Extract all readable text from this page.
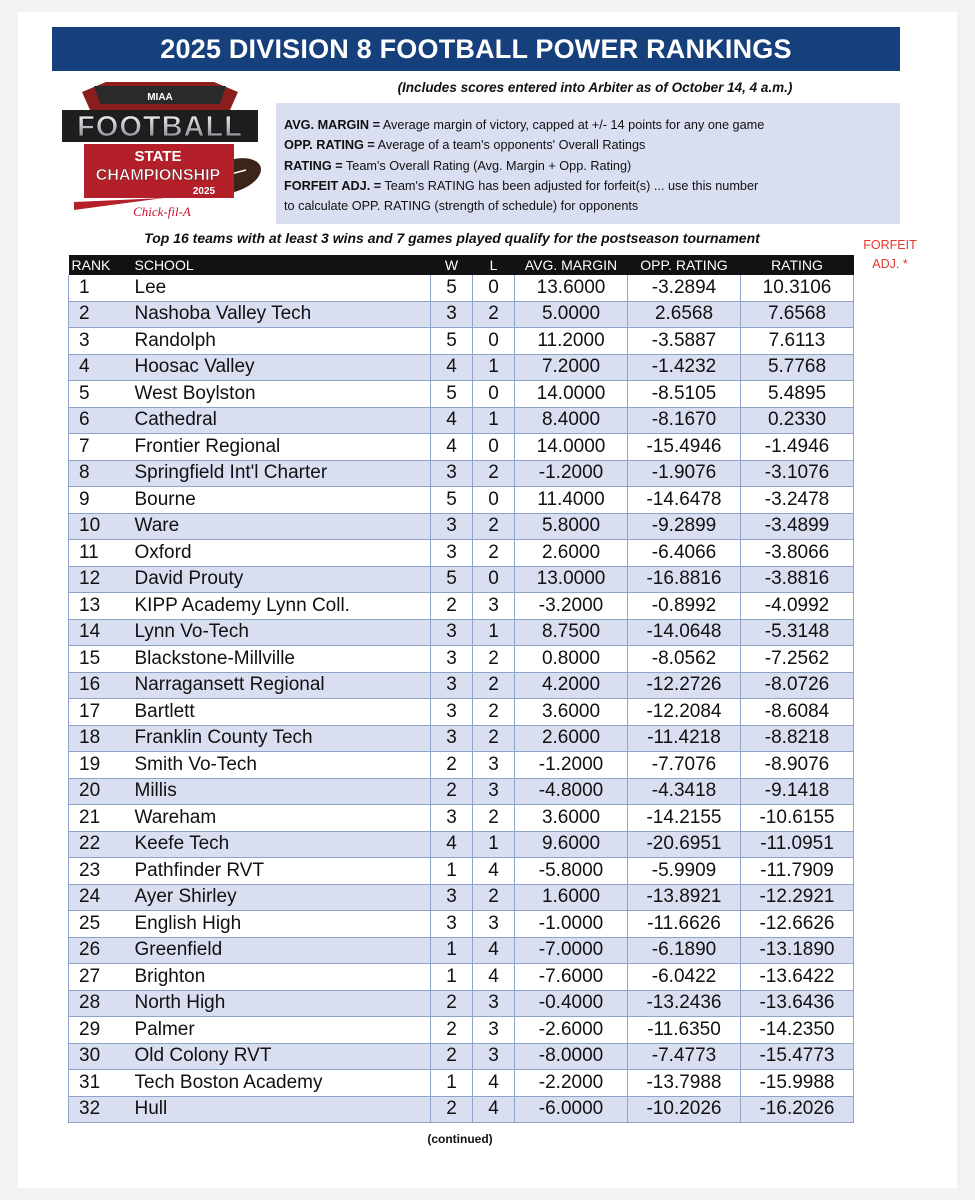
2025 DIVISION 8 FOOTBALL POWER RANKINGS
MIAA
FOOTBALL
STATE
CHAMPIONSHIP
2025
Chick-fil-A
(Includes scores entered into Arbiter as of October 14, 4 a.m.)
AVG. MARGIN = Average margin of victory, capped at +/- 14 points for any one game
OPP. RATING = Average of a team's opponents' Overall Ratings
RATING = Team's Overall Rating (Avg. Margin + Opp. Rating)
FORFEIT ADJ. = Team's RATING has been adjusted for forfeit(s) ... use this number
to calculate OPP. RATING (strength of schedule) for opponents
Top 16 teams with at least 3 wins and 7 games played qualify for the postseason tournament	FORFEIT
ADJ. *
RANK	SCHOOL	W	L	AVG. MARGIN	OPP. RATING	RATING
1	Lee	5	0	13.6000	-3.2894	10.3106
2	Nashoba Valley Tech	3	2	5.0000	2.6568	7.6568
3	Randolph	5	0	11.2000	-3.5887	7.6113
4	Hoosac Valley	4	1	7.2000	-1.4232	5.7768
5	West Boylston	5	0	14.0000	-8.5105	5.4895
6	Cathedral	4	1	8.4000	-8.1670	0.2330
7	Frontier Regional	4	0	14.0000	-15.4946	-1.4946
8	Springfield Int'l Charter	3	2	-1.2000	-1.9076	-3.1076
9	Bourne	5	0	11.4000	-14.6478	-3.2478
10	Ware	3	2	5.8000	-9.2899	-3.4899
11	Oxford	3	2	2.6000	-6.4066	-3.8066
12	David Prouty	5	0	13.0000	-16.8816	-3.8816
13	KIPP Academy Lynn Coll.	2	3	-3.2000	-0.8992	-4.0992
14	Lynn Vo-Tech	3	1	8.7500	-14.0648	-5.3148
15	Blackstone-Millville	3	2	0.8000	-8.0562	-7.2562
16	Narragansett Regional	3	2	4.2000	-12.2726	-8.0726
17	Bartlett	3	2	3.6000	-12.2084	-8.6084
18	Franklin County Tech	3	2	2.6000	-11.4218	-8.8218
19	Smith Vo-Tech	2	3	-1.2000	-7.7076	-8.9076
20	Millis	2	3	-4.8000	-4.3418	-9.1418
21	Wareham	3	2	3.6000	-14.2155	-10.6155
22	Keefe Tech	4	1	9.6000	-20.6951	-11.0951
23	Pathfinder RVT	1	4	-5.8000	-5.9909	-11.7909
24	Ayer Shirley	3	2	1.6000	-13.8921	-12.2921
25	English High	3	3	-1.0000	-11.6626	-12.6626
26	Greenfield	1	4	-7.0000	-6.1890	-13.1890
27	Brighton	1	4	-7.6000	-6.0422	-13.6422
28	North High	2	3	-0.4000	-13.2436	-13.6436
29	Palmer	2	3	-2.6000	-11.6350	-14.2350
30	Old Colony RVT	2	3	-8.0000	-7.4773	-15.4773
31	Tech Boston Academy	1	4	-2.2000	-13.7988	-15.9988
32	Hull	2	4	-6.0000	-10.2026	-16.2026
(continued)
